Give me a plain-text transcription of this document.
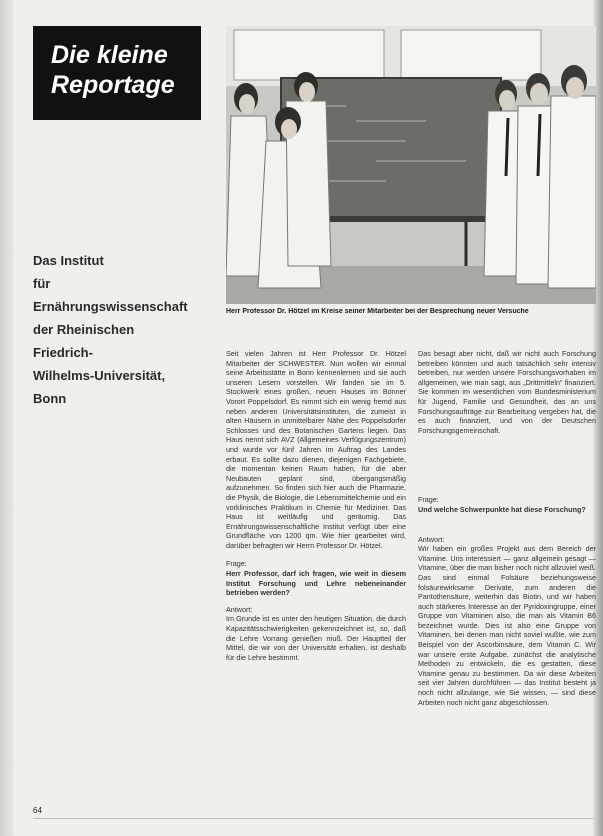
Die kleine
Reportage
Herr Professor Dr. Hötzel im Kreise seiner Mitarbeiter bei der Besprechung neuer Versuche
Das Institut
für
Ernährungswissenschaft
der Rheinischen
Friedrich-
Wilhelms-Universität,
Bonn

Seit vielen Jahren ist Herr Professor Dr. Hötzel Mitarbeiter der SCHWESTER. Nun wollen wir einmal seine Arbeitsstätte in Bonn kennenlernen und sie auch unseren Lesern vorstellen. Wir fanden sie im 5. Stockwerk eines großen, neuen Hauses im Bonner Vorort Poppelsdorf. Es nimmt sich ein wenig fremd aus neben anderen Universitätsinstituten, die zumeist in alten Häusern in unmittelbarer Nähe des Poppelsdorfer Schlosses und des Botanischen Gartens liegen. Das Haus nennt sich AVZ (Allgemeines Verfügungszentrum) und wurde vor fünf Jahren im Auftrag des Landes erbaut. Es sollte dazu dienen, diejenigen Fachgebiete, die momentan keinen Raum haben, für die aber Neubauten geplant sind, übergangsmäßig aufzunehmen. So finden sich hier auch die Pharmazie, die Physik, die Biologie, die Lebensmittelchemie und ein vorklinisches Praktikum in Chemie für Mediziner. Das Haus ist weitläufig und geräumig. Das Ernährungswissenschaftliche Institut verfügt über eine Grundfläche von 1200 qm. Wie hier gearbeitet wird, darüber befragten wir Herrn Professor Dr. Hötzel.

Frage:

Herr Professor, darf ich fragen, wie weit in diesem Institut Forschung und Lehre nebeneinander betrieben werden?

Antwort:

Im Grunde ist es unter den heutigen Situation, die durch Kapazitätsschwierigkeiten gekennzeichnet ist, so, daß die Lehre Vorrang genießen muß. Der Hauptteil der Mittel, die wir von der Universität erhalten, ist deshalb für die Lehre bestimmt.

Das besagt aber nicht, daß wir nicht auch Forschung betreiben könnten und auch tatsächlich sehr intensiv betreiben, nur werden unsere Forschungsvorhaben im allgemeinen, wie man sagt, aus „Drittmitteln“ finanziert. Sie kommen im wesentlichen vom Bundesministerium für Jugend, Familie und Gesundheit, das an uns Forschungsaufträge zur Bearbeitung vergeben hat, die es auch finanziert, und von der Deutschen Forschungsgemeinschaft.

Frage:

Und welche Schwerpunkte hat diese Forschung?

Antwort:

Wir haben ein großes Projekt aus dem Bereich der Vitamine. Uns interessiert — ganz allgemein gesagt — Vitamine, über die man bisher noch nicht allzuviel weiß. Das sind einmal Folsäure beziehungsweise folsäurewirksame Derivate, zum anderen die Pantothensäure, weiterhin das Biotin, und wir haben auch stärkeres Interesse an der Pyridoxingruppe, einer Gruppe von Vitaminen also, die man als Vitamin B6 bezeichnet wurde. Dies ist also eine Gruppe von Vitaminen, bei denen man nicht soviel wußte, wie zum Beispiel von der Ascorbinsäure, dem Vitamin C. Wir war unsere erste Aufgabe, zunächst die analytische Methoden zu entwickeln, die es gestatten, diese Vitamine genau zu bestimmen. Da wir diese Arbeiten seit vier Jahren durchführen — das Institut besteht ja noch nicht allzulange, wie Sie wissen, — sind diese Arbeiten noch nicht ganz abgeschlossen.

64
